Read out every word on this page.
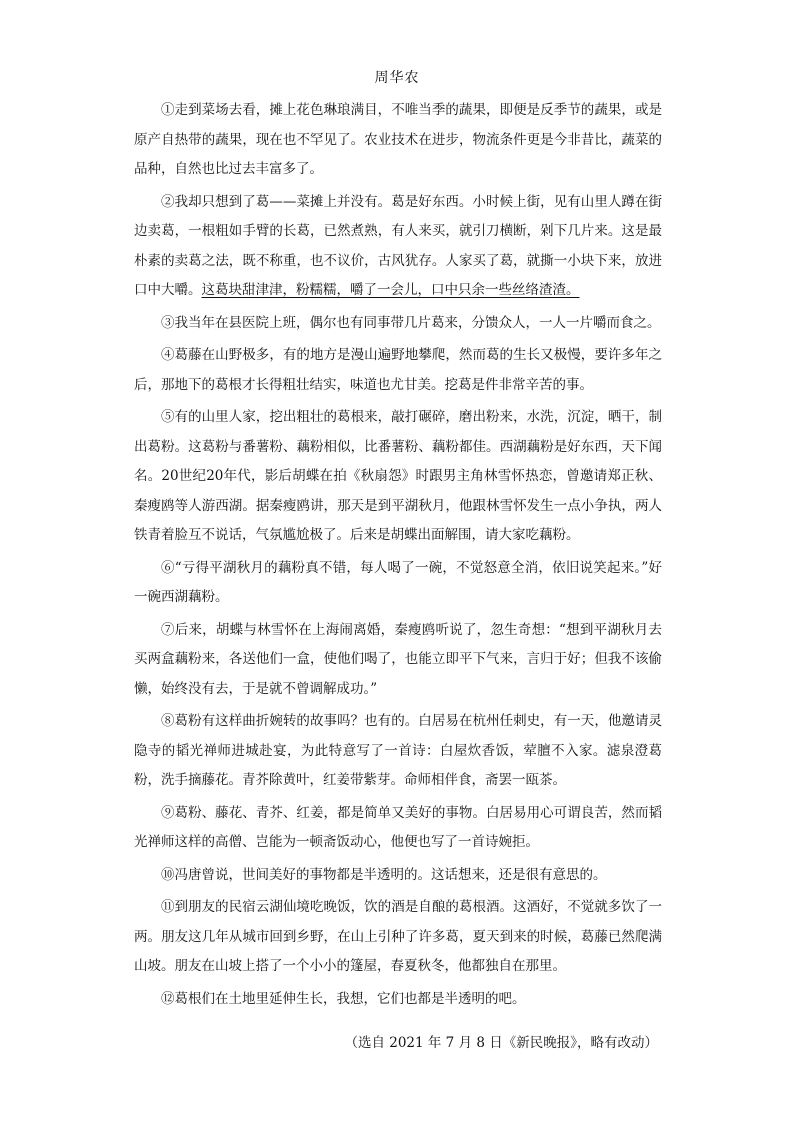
周华农

①走到菜场去看，摊上花色琳琅满目，不唯当季的蔬果，即便是反季节的蔬果，或是原产自热带的蔬果，现在也不罕见了。农业技术在进步，物流条件更是今非昔比，蔬菜的品种，自然也比过去丰富多了。

②我却只想到了葛——菜摊上并没有。葛是好东西。小时候上街，见有山里人蹲在街边卖葛，一根粗如手臂的长葛，已然煮熟，有人来买，就引刀横断，剁下几片来。这是最朴素的卖葛之法，既不称重，也不议价，古风犹存。人家买了葛，就撕一小块下来，放进口中大嚼。这葛块甜津津，粉糯糯，嚼了一会儿，口中只余一些丝络渣渣。

③我当年在县医院上班，偶尔也有同事带几片葛来，分馈众人，一人一片嚼而食之。

④葛藤在山野极多，有的地方是漫山遍野地攀爬，然而葛的生长又极慢，要许多年之后，那地下的葛根才长得粗壮结实，味道也尤甘美。挖葛是件非常辛苦的事。

⑤有的山里人家，挖出粗壮的葛根来，敲打碾碎，磨出粉来，水洗，沉淀，晒干，制出葛粉。这葛粉与番薯粉、藕粉相似，比番薯粉、藕粉都佳。西湖藕粉是好东西，天下闻名。20世纪20年代，影后胡蝶在拍《秋扇怨》时跟男主角林雪怀热恋，曾邀请郑正秋、秦瘦鸥等人游西湖。据秦瘦鸥讲，那天是到平湖秋月，他跟林雪怀发生一点小争执，两人铁青着脸互不说话，气氛尴尬极了。后来是胡蝶出面解围，请大家吃藕粉。

⑥“亏得平湖秋月的藕粉真不错，每人喝了一碗，不觉怒意全消，依旧说笑起来。”好一碗西湖藕粉。

⑦后来，胡蝶与林雪怀在上海闹离婚，秦瘦鸥听说了，忽生奇想：“想到平湖秋月去买两盒藕粉来，各送他们一盒，使他们喝了，也能立即平下气来，言归于好；但我不该偷懒，始终没有去，于是就不曾调解成功。”

⑧葛粉有这样曲折婉转的故事吗？也有的。白居易在杭州任刺史，有一天，他邀请灵隐寺的韬光禅师进城赴宴，为此特意写了一首诗：白屋炊香饭，荤膻不入家。滤泉澄葛粉，洗手摘藤花。青芥除黄叶，红姜带紫芽。命师相伴食，斋罢一瓯茶。

⑨葛粉、藤花、青芥、红姜，都是简单又美好的事物。白居易用心可谓良苦，然而韬光禅师这样的高僧、岂能为一顿斋饭动心，他便也写了一首诗婉拒。

⑩冯唐曾说，世间美好的事物都是半透明的。这话想来，还是很有意思的。

⑪到朋友的民宿云湖仙境吃晚饭，饮的酒是自酿的葛根酒。这酒好，不觉就多饮了一两。朋友这几年从城市回到乡野，在山上引种了许多葛，夏天到来的时候，葛藤已然爬满山坡。朋友在山坡上搭了一个小小的篷屋，春夏秋冬，他都独自在那里。

⑫葛根们在土地里延伸生长，我想，它们也都是半透明的吧。

（选自 2021 年 7 月 8 日《新民晚报》，略有改动）
